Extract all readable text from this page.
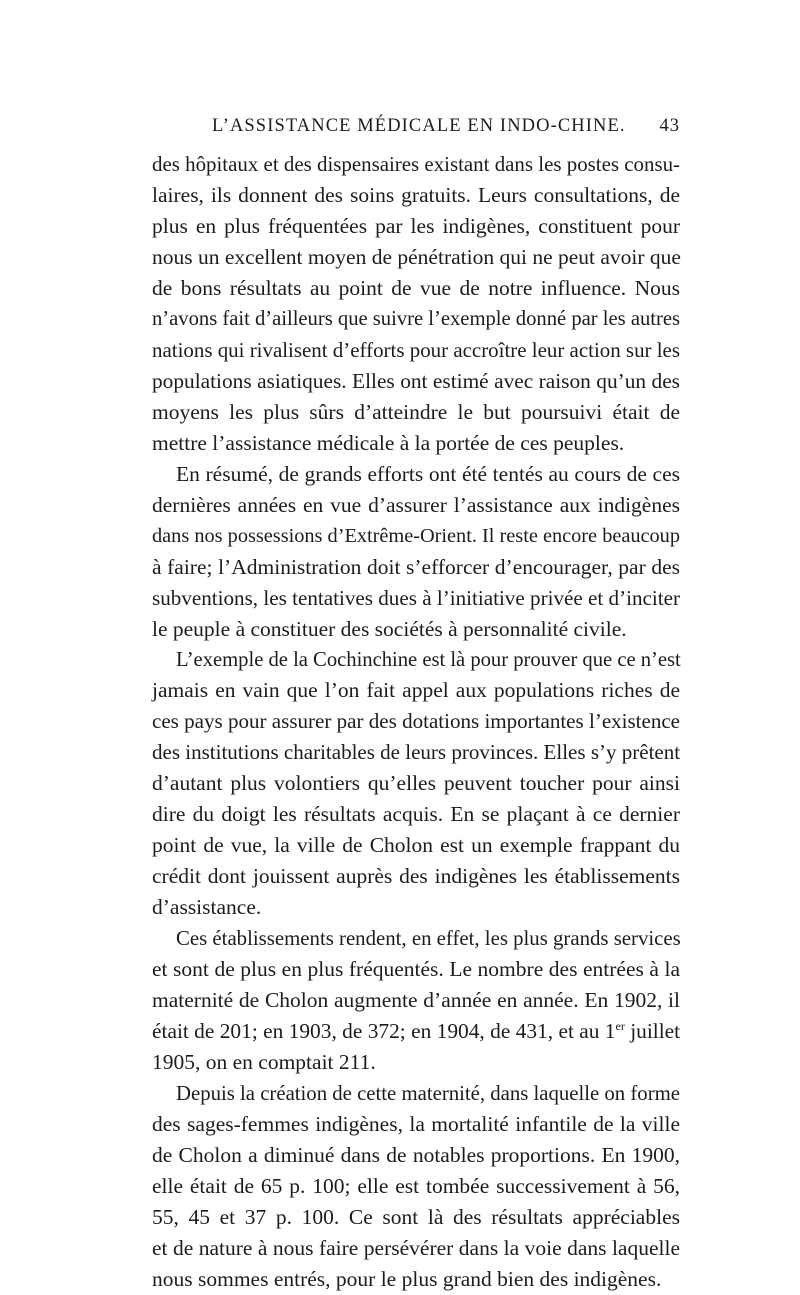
L’ASSISTANCE MÉDICALE EN INDO-CHINE. 43
des hôpitaux et des dispensaires existant dans les postes consu-
laires, ils donnent des soins gratuits. Leurs consultations, de
plus en plus fréquentées par les indigènes, constituent pour
nous un excellent moyen de pénétration qui ne peut avoir que
de bons résultats au point de vue de notre influence. Nous
n’avons fait d’ailleurs que suivre l’exemple donné par les autres
nations qui rivalisent d’efforts pour accroître leur action sur les
populations asiatiques. Elles ont estimé avec raison qu’un des
moyens les plus sûrs d’atteindre le but poursuivi était de
mettre l’assistance médicale à la portée de ces peuples.
En résumé, de grands efforts ont été tentés au cours de ces
dernières années en vue d’assurer l’assistance aux indigènes
dans nos possessions d’Extrême-Orient. Il reste encore beaucoup
à faire; l’Administration doit s’efforcer d’encourager, par des
subventions, les tentatives dues à l’initiative privée et d’inciter
le peuple à constituer des sociétés à personnalité civile.
L’exemple de la Cochinchine est là pour prouver que ce n’est
jamais en vain que l’on fait appel aux populations riches de
ces pays pour assurer par des dotations importantes l’existence
des institutions charitables de leurs provinces. Elles s’y prêtent
d’autant plus volontiers qu’elles peuvent toucher pour ainsi
dire du doigt les résultats acquis. En se plaçant à ce dernier
point de vue, la ville de Cholon est un exemple frappant du
crédit dont jouissent auprès des indigènes les établissements
d’assistance.
Ces établissements rendent, en effet, les plus grands services
et sont de plus en plus fréquentés. Le nombre des entrées à la
maternité de Cholon augmente d’année en année. En 1902, il
était de 201; en 1903, de 372; en 1904, de 431, et au 1er juillet
1905, on en comptait 211.
Depuis la création de cette maternité, dans laquelle on forme
des sages-femmes indigènes, la mortalité infantile de la ville
de Cholon a diminué dans de notables proportions. En 1900,
elle était de 65 p. 100; elle est tombée successivement à 56,
55, 45 et 37 p. 100. Ce sont là des résultats appréciables
et de nature à nous faire persévérer dans la voie dans laquelle
nous sommes entrés, pour le plus grand bien des indigènes.
